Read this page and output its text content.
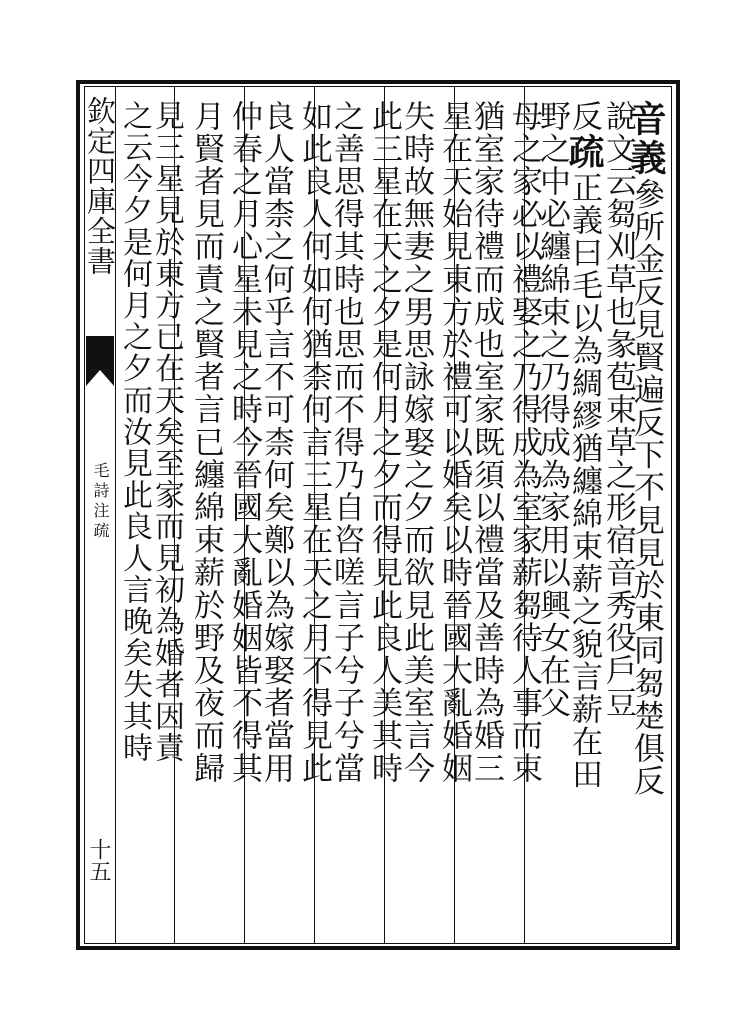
欽定四庫全書
毛詩注疏
十五
音義參所金反見賢遍反下不見見於東同芻楚俱反
說文云芻刈草也彖苞束草之形宿音秀役戶豆
反疏正義曰毛以為綢繆猶纏綿束薪之貌言薪在田
野之中必纏綿束之乃得成為家用以興女在父
母之家必以禮娶之乃得成為室家薪芻待人事而束
猶室家待禮而成也室家既須以禮當及善時為婚三
星在天始見東方於禮可以婚矣以時晉國大亂婚姻
失時故無妻之男思詠嫁娶之夕而欲見此美室言今
此三星在天之夕是何月之夕而得見此良人美其時
之善思得其時也思而不得乃自咨嗟言子兮子兮當
如此良人何如何猶柰何言三星在天之月不得見此
良人當柰之何乎言不可柰何矣鄭以為嫁娶者當用
仲春之月心星未見之時今晉國大亂婚姻皆不得其
月賢者見而責之賢者言已纏綿束薪於野及夜而歸
見三星見於東方已在天矣至家而見初為婚者因責
之云今夕是何月之夕而汝見此良人言晚矣失其時
